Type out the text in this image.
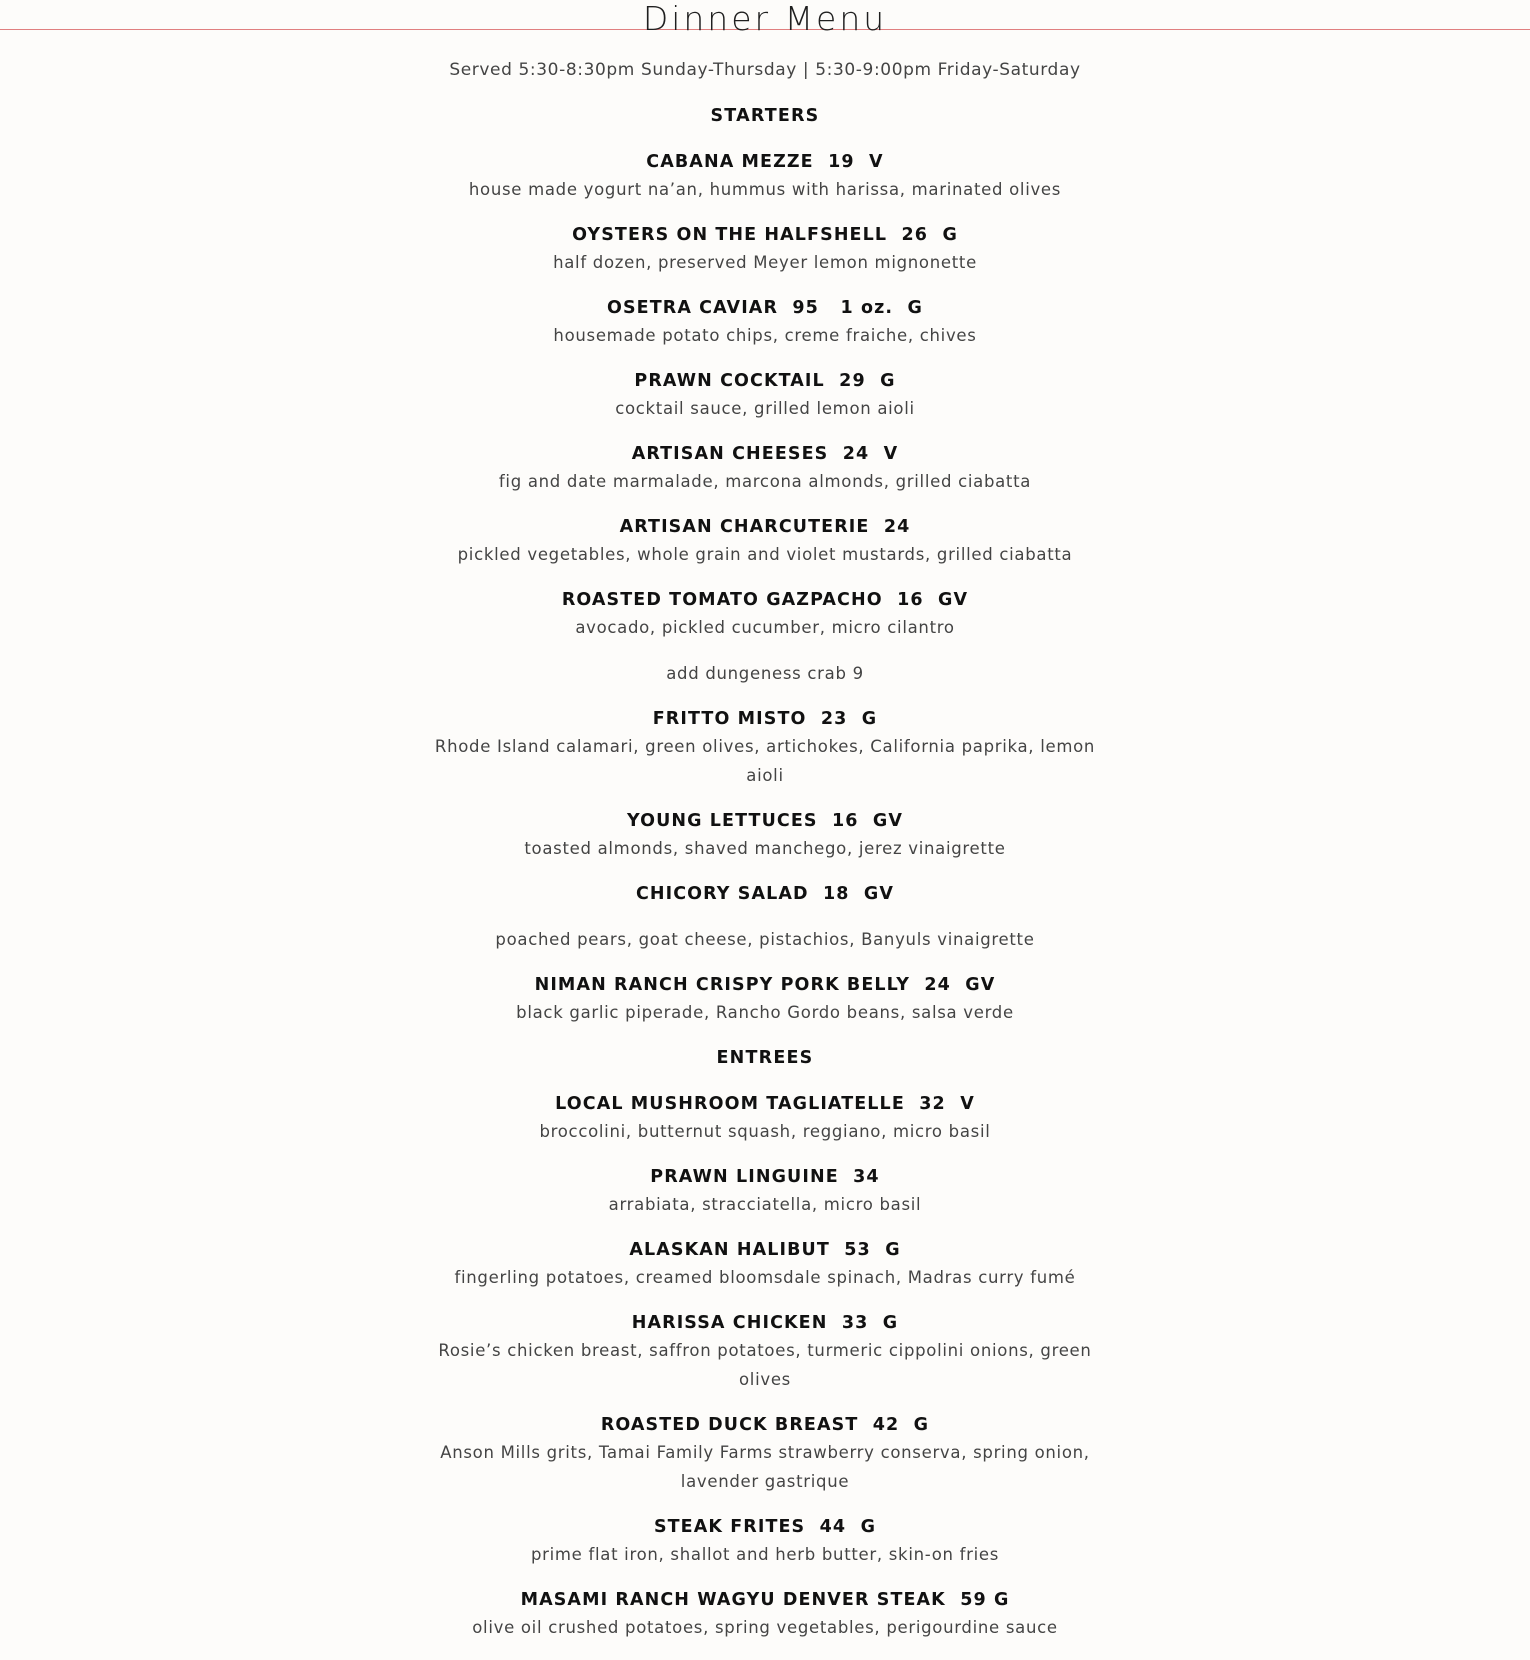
Dinner Menu

Served 5:30-8:30pm Sunday-Thursday | 5:30-9:00pm Friday-Saturday

STARTERS
CABANA MEZZE  19  V
house made yogurt na’an, hummus with harissa, marinated olives
OYSTERS ON THE HALFSHELL  26  G
half dozen, preserved Meyer lemon mignonette
OSETRA CAVIAR  95   1 oz.  G
housemade potato chips, creme fraiche, chives
PRAWN COCKTAIL  29  G
cocktail sauce, grilled lemon aioli
ARTISAN CHEESES  24  V
fig and date marmalade, marcona almonds, grilled ciabatta
ARTISAN CHARCUTERIE  24
pickled vegetables, whole grain and violet mustards, grilled ciabatta
ROASTED TOMATO GAZPACHO  16  GV
avocado, pickled cucumber, micro cilantro
add dungeness crab 9
FRITTO MISTO  23  G
Rhode Island calamari, green olives, artichokes, California paprika, lemon aioli
YOUNG LETTUCES  16  GV
toasted almonds, shaved manchego, jerez vinaigrette
CHICORY SALAD  18  GV
poached pears, goat cheese, pistachios, Banyuls vinaigrette
NIMAN RANCH CRISPY PORK BELLY  24  GV
black garlic piperade, Rancho Gordo beans, salsa verde
ENTREES
LOCAL MUSHROOM TAGLIATELLE  32  V
broccolini, butternut squash, reggiano, micro basil
PRAWN LINGUINE  34
arrabiata, stracciatella, micro basil
ALASKAN HALIBUT  53  G
fingerling potatoes, creamed bloomsdale spinach, Madras curry fumé
HARISSA CHICKEN  33  G
Rosie’s chicken breast, saffron potatoes, turmeric cippolini onions, green olives
ROASTED DUCK BREAST  42  G
Anson Mills grits, Tamai Family Farms strawberry conserva, spring onion, lavender gastrique
STEAK FRITES  44  G
prime flat iron, shallot and herb butter, skin-on fries
MASAMI RANCH WAGYU DENVER STEAK  59 G
olive oil crushed potatoes, spring vegetables, perigourdine sauce
